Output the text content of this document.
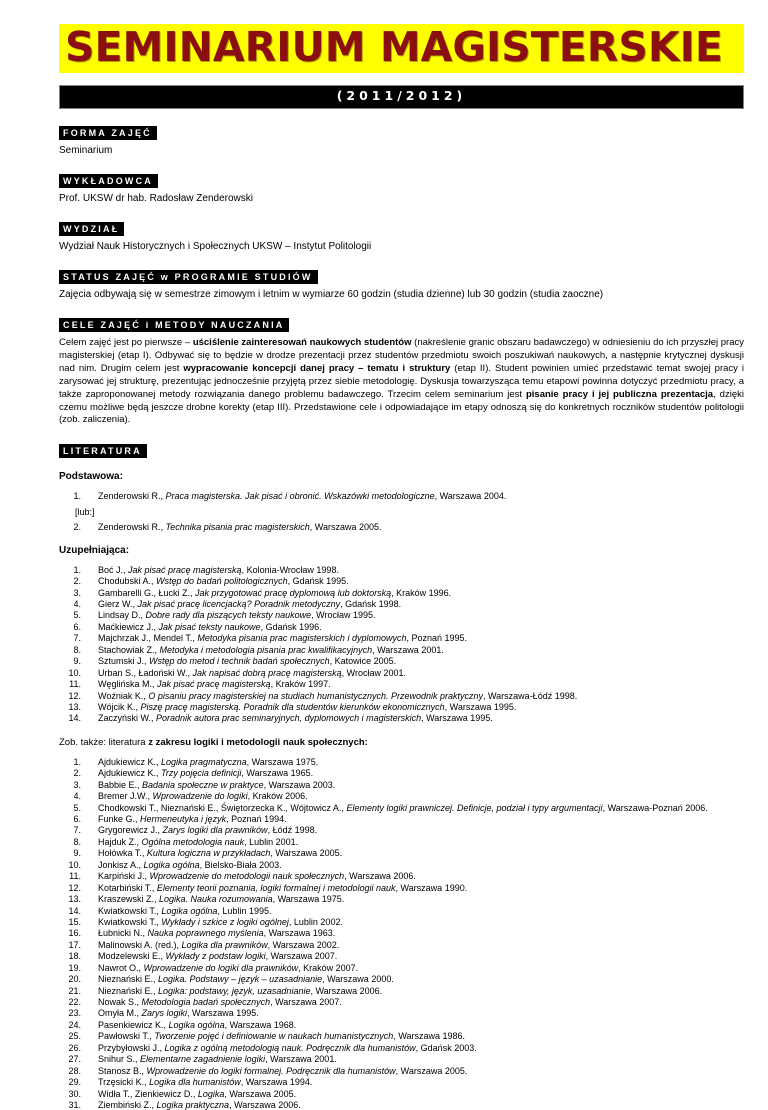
SEMINARIUM MAGISTERSKIE
(2011/2012)
FORMA ZAJĘĆ
Seminarium
WYKŁADOWCA
Prof. UKSW dr hab. Radosław Zenderowski
WYDZIAŁ
Wydział Nauk Historycznych i Społecznych UKSW – Instytut Politologii
STATUS ZAJĘĆ w PROGRAMIE STUDIÓW
Zajęcia odbywają się w semestrze zimowym i letnim w wymiarze 60 godzin (studia dzienne) lub 30 godzin (studia zaoczne)
CELE ZAJĘĆ i METODY NAUCZANIA

Celem zajęć jest po pierwsze – uściślenie zainteresowań naukowych studentów (nakreślenie granic obszaru badawczego) w odniesieniu do ich przyszłej pracy magisterskiej (etap I). Odbywać się to będzie w drodze prezentacji przez studentów przedmiotu swoich poszukiwań naukowych, a następnie krytycznej dyskusji nad nim. Drugim celem jest wypracowanie koncepcji danej pracy – tematu i struktury (etap II). Student powinien umieć przedstawić temat swojej pracy i zarysować jej strukturę, prezentując jednocześnie przyjętą przez siebie metodologię. Dyskusja towarzysząca temu etapowi powinna dotyczyć przedmiotu pracy, a także zaproponowanej metody rozwiązania danego problemu badawczego. Trzecim celem seminarium jest pisanie pracy i jej publiczna prezentacja, dzięki czemu możliwe będą jeszcze drobne korekty (etap III). Przedstawione cele i odpowiadające im etapy odnoszą się do konkretnych roczników studentów politologii (zob. zaliczenia).

LITERATURA
Podstawowa:
1. Zenderowski R., Praca magisterska. Jak pisać i obronić. Wskazówki metodologiczne, Warszawa 2004.
[lub:]
2. Zenderowski R., Technika pisania prac magisterskich, Warszawa 2005.
Uzupełniająca:
1. Boć J., Jak pisać pracę magisterską, Kolonia-Wrocław 1998.
2. Chodubski A., Wstęp do badań politologicznych, Gdańsk 1995.
3. Gambarelli G., Łucki Z., Jak przygotować pracę dyplomową lub doktorską, Kraków 1996.
4. Gierz W., Jak pisać pracę licencjacką? Poradnik metodyczny, Gdańsk 1998.
5. Lindsay D., Dobre rady dla piszących teksty naukowe, Wrocław 1995.
6. Maćkiewicz J., Jak pisać teksty naukowe, Gdańsk 1996.
7. Majchrzak J., Mendel T., Metodyka pisania prac magisterskich i dyplomowych, Poznań 1995.
8. Stachowiak Z., Metodyka i metodologia pisania prac kwalifikacyjnych, Warszawa 2001.
9. Sztumski J., Wstęp do metod i technik badań społecznych, Katowice 2005.
10. Urban S., Ładoński W., Jak napisać dobrą pracę magisterską, Wrocław 2001.
11. Węglińska M., Jak pisać pracę magisterską, Kraków 1997.
12. Woźniak K., O pisaniu pracy magisterskiej na studiach humanistycznych. Przewodnik praktyczny, Warszawa-Łódź 1998.
13. Wójcik K., Piszę pracę magisterską. Poradnik dla studentów kierunków ekonomicznych, Warszawa 1995.
14. Zaczyński W., Poradnik autora prac seminaryjnych, dyplomowych i magisterskich, Warszawa 1995.
Zob. także: literatura z zakresu logiki i metodologii nauk społecznych:
1. Ajdukiewicz K., Logika pragmatyczna, Warszawa 1975.
2. Ajdukiewicz K., Trzy pojęcia definicji, Warszawa 1965.
3. Babbie E., Badania społeczne w praktyce, Warszawa 2003.
4. Bremer J.W., Wprowadzenie do logiki, Kraków 2006.
5. Chodkowski T., Nieznański E., Świętorzecka K., Wójtowicz A., Elementy logiki prawniczej. Definicje, podział i typy argumentacji, Warszawa-Poznań 2006.
6. Funke G., Hermeneutyka i język, Poznań 1994.
7. Grygorewicz J., Zarys logiki dla prawników, Łódź 1998.
8. Hajduk Z., Ogólna metodologia nauk, Lublin 2001.
9. Hołówka T., Kultura logiczna w przykładach, Warszawa 2005.
10. Jonkisz A., Logika ogólna, Bielsko-Biała 2003.
11. Karpiński J., Wprowadzenie do metodologii nauk społecznych, Warszawa 2006.
12. Kotarbiński T., Elementy teorii poznania, logiki formalnej i metodologii nauk, Warszawa 1990.
13. Kraszewski Z., Logika. Nauka rozumowania, Warszawa 1975.
14. Kwiatkowski T., Logika ogólna, Lublin 1995.
15. Kwiatkowski T., Wykłady i szkice z logiki ogólnej, Lublin 2002.
16. Łubnicki N., Nauka poprawnego myślenia, Warszawa 1963.
17. Malinowski A. (red.), Logika dla prawników, Warszawa 2002.
18. Modzelewski E., Wykłady z podstaw logiki, Warszawa 2007.
19. Nawrot O., Wprowadzenie do logiki dla prawników, Kraków 2007.
20. Nieznański E., Logika. Podstawy – język – uzasadnianie, Warszawa 2000.
21. Nieznański E., Logika: podstawy, język, uzasadnianie, Warszawa 2006.
22. Nowak S., Metodologia badań społecznych, Warszawa 2007.
23. Omyła M., Zarys logiki, Warszawa 1995.
24. Pasenkiewicz K., Logika ogólna, Warszawa 1968.
25. Pawłowski T., Tworzenie pojęć i definiowanie w naukach humanistycznych, Warszawa 1986.
26. Przybyłowski J., Logika z ogólną metodologią nauk. Podręcznik dla humanistów, Gdańsk 2003.
27. Snihur S., Elementarne zagadnienie logiki, Warszawa 2001.
28. Stanosz B., Wprowadzenie do logiki formalnej. Podręcznik dla humanistów, Warszawa 2005.
29. Trzęsicki K., Logika dla humanistów, Warszawa 1994.
30. Widła T., Zienkiewicz D., Logika, Warszawa 2005.
31. Ziembiński Z., Logika praktyczna, Warszawa 2006.
